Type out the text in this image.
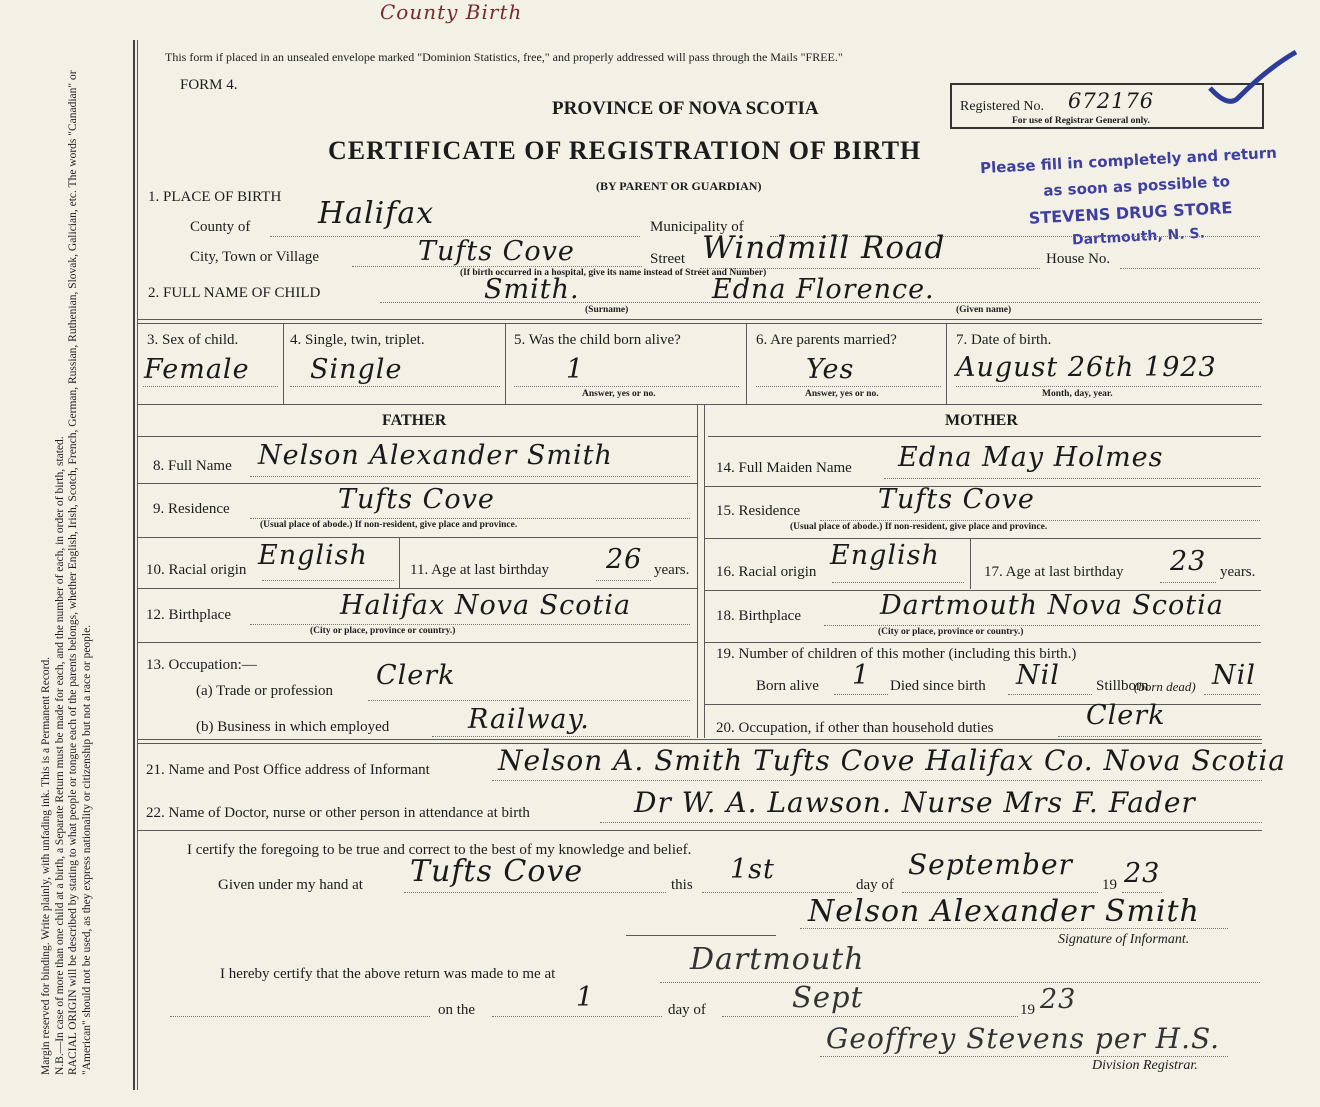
Margin reserved for binding. Write plainly, with unfading ink. This is a Permanent Record. N.B.—In case of more than one child at a birth, a Separate Return must be made for each, and the number of each, in order of birth, stated. RACIAL ORIGIN will be described by stating to what people or tongue each of the parents belongs, whether English, Irish, Scotch, French, German, Russian, Ruthenian, Slovak, Galician, etc. The words "Canadian" or "American" should not be used, as they express nationality or citizenship but not a race or people.

County Birth
This form if placed in an unsealed envelope marked "Dominion Statistics, free," and properly addressed will pass through the Mails "FREE."
FORM 4.
PROVINCE OF NOVA SCOTIA	Registered No. 672176
For use of Registrar General only.
CERTIFICATE OF REGISTRATION OF BIRTH
(BY PARENT OR GUARDIAN)
Please fill in completely and return
as soon as possible to
STEVENS DRUG STORE
Dartmouth, N. S.
1. PLACE OF BIRTH Halifax
County of	Municipality of
City, Town or Village	Tufts Cove	Street Windmill Road	House No.
(If birth occurred in a hospital, give its name instead of Street and Number)
2. FULL NAME OF CHILD	Smith.	Edna Florence.
(Surname)	(Given name)
3. Sex of child.
Female
4. Single, twin, triplet.
Single
5. Was the child born alive?
1
Answer, yes or no.
6. Are parents married?
Yes
Answer, yes or no.
7. Date of birth.
August 26th 1923
Month, day, year.
FATHER	MOTHER
8. Full Name Nelson Alexander Smith
9. Residence	Tufts Cove
(Usual place of abode.) If non-resident, give place and province.
10. Racial origin English	11. Age at last birthday 26 years.
12. Birthplace	Halifax Nova Scotia
(City or place, province or country.)
13. Occupation:—
(a) Trade or profession Clerk
(b) Business in which employed	Railway.
14. Full Maiden Name Edna May Holmes
15. Residence	Tufts Cove
(Usual place of abode.) If non-resident, give place and province.
16. Racial origin
English
17. Age at last birthday 23 years.
18. Birthplace	Dartmouth Nova Scotia
(City or place, province or country.)
19. Number of children of this mother (including this birth.)
Born alive 1 Died since birth Nil Stillborn
(born dead) Nil
20. Occupation, if other than household duties	Clerk
21. Name and Post Office address of Informant Nelson A. Smith Tufts Cove Halifax Co. Nova Scotia
22. Name of Doctor, nurse or other person in attendance at birth	Dr W. A. Lawson. Nurse Mrs F. Fader
I certify the foregoing to be true and correct to the best of my knowledge and belief.
Given under my hand at Tufts Cove	this 1st	day of
September
19 23
Nelson Alexander Smith
Signature of Informant.
I hereby certify that the above return was made to me at	Dartmouth
on the	1	day of	Sept	19 23
Geoffrey Stevens per H.S.
Division Registrar.
